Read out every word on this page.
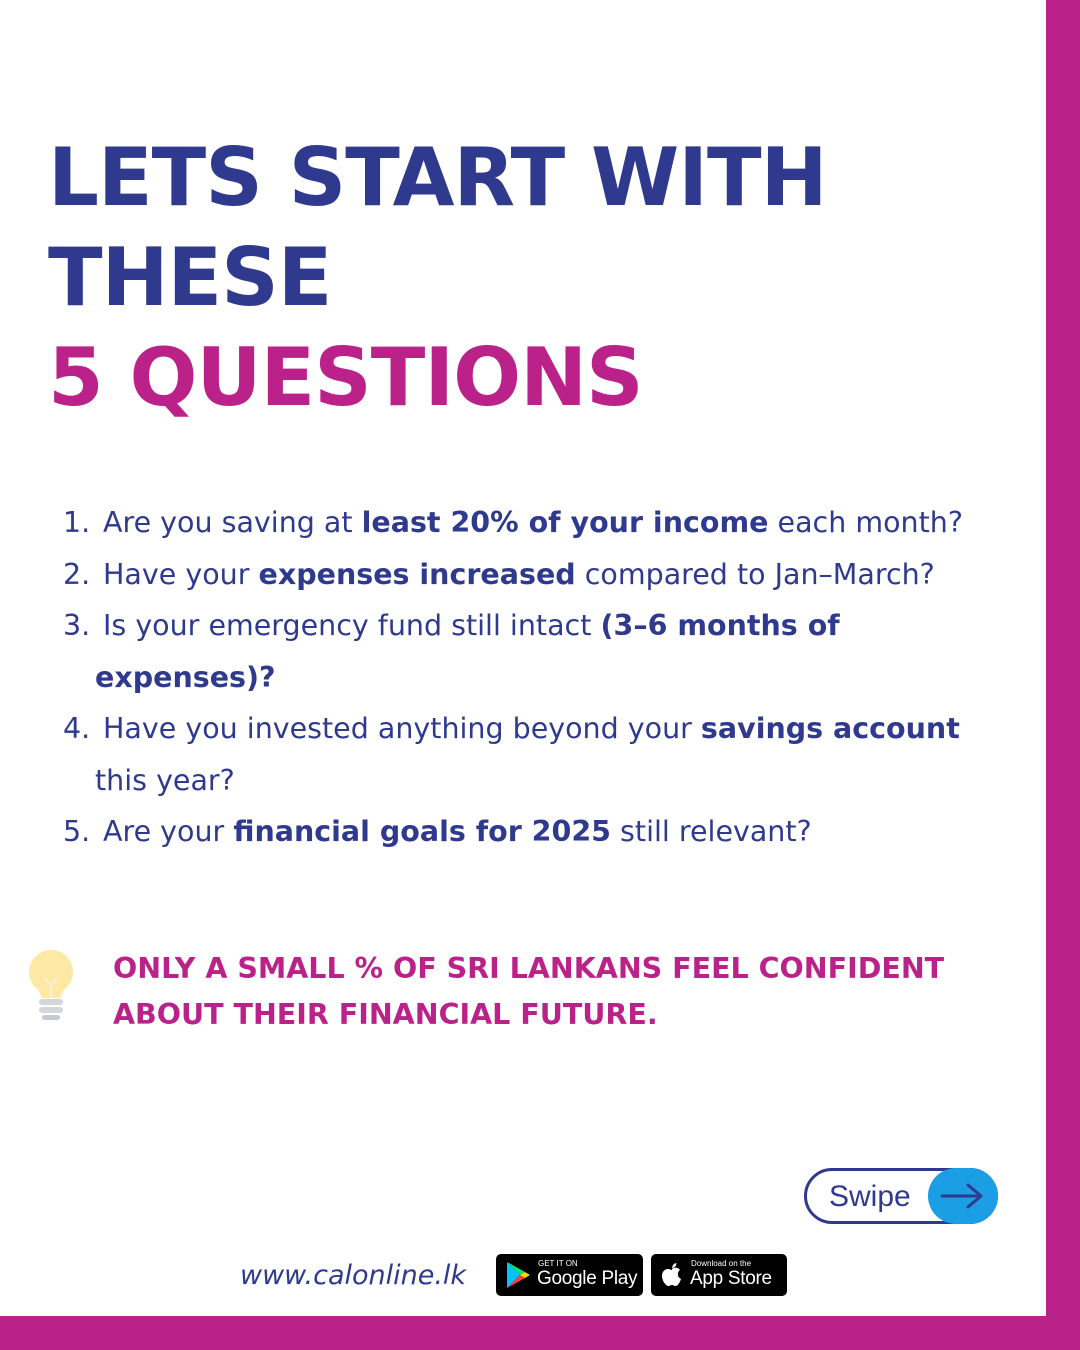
LETS START WITH
THESE
5 QUESTIONS
1. Are you saving at least 20% of your income each month?
2. Have your expenses increased compared to Jan–March?
3. Is your emergency fund still intact (3–6 months of
expenses)?
4. Have you invested anything beyond your savings account
this year?
5. Are your financial goals for 2025 still relevant?

ONLY A SMALL % OF SRI LANKANS FEEL CONFIDENT
ABOUT THEIR FINANCIAL FUTURE.

Swipe
www.calonline.lk	GET IT ON
Google Play
Download on the
App Store
